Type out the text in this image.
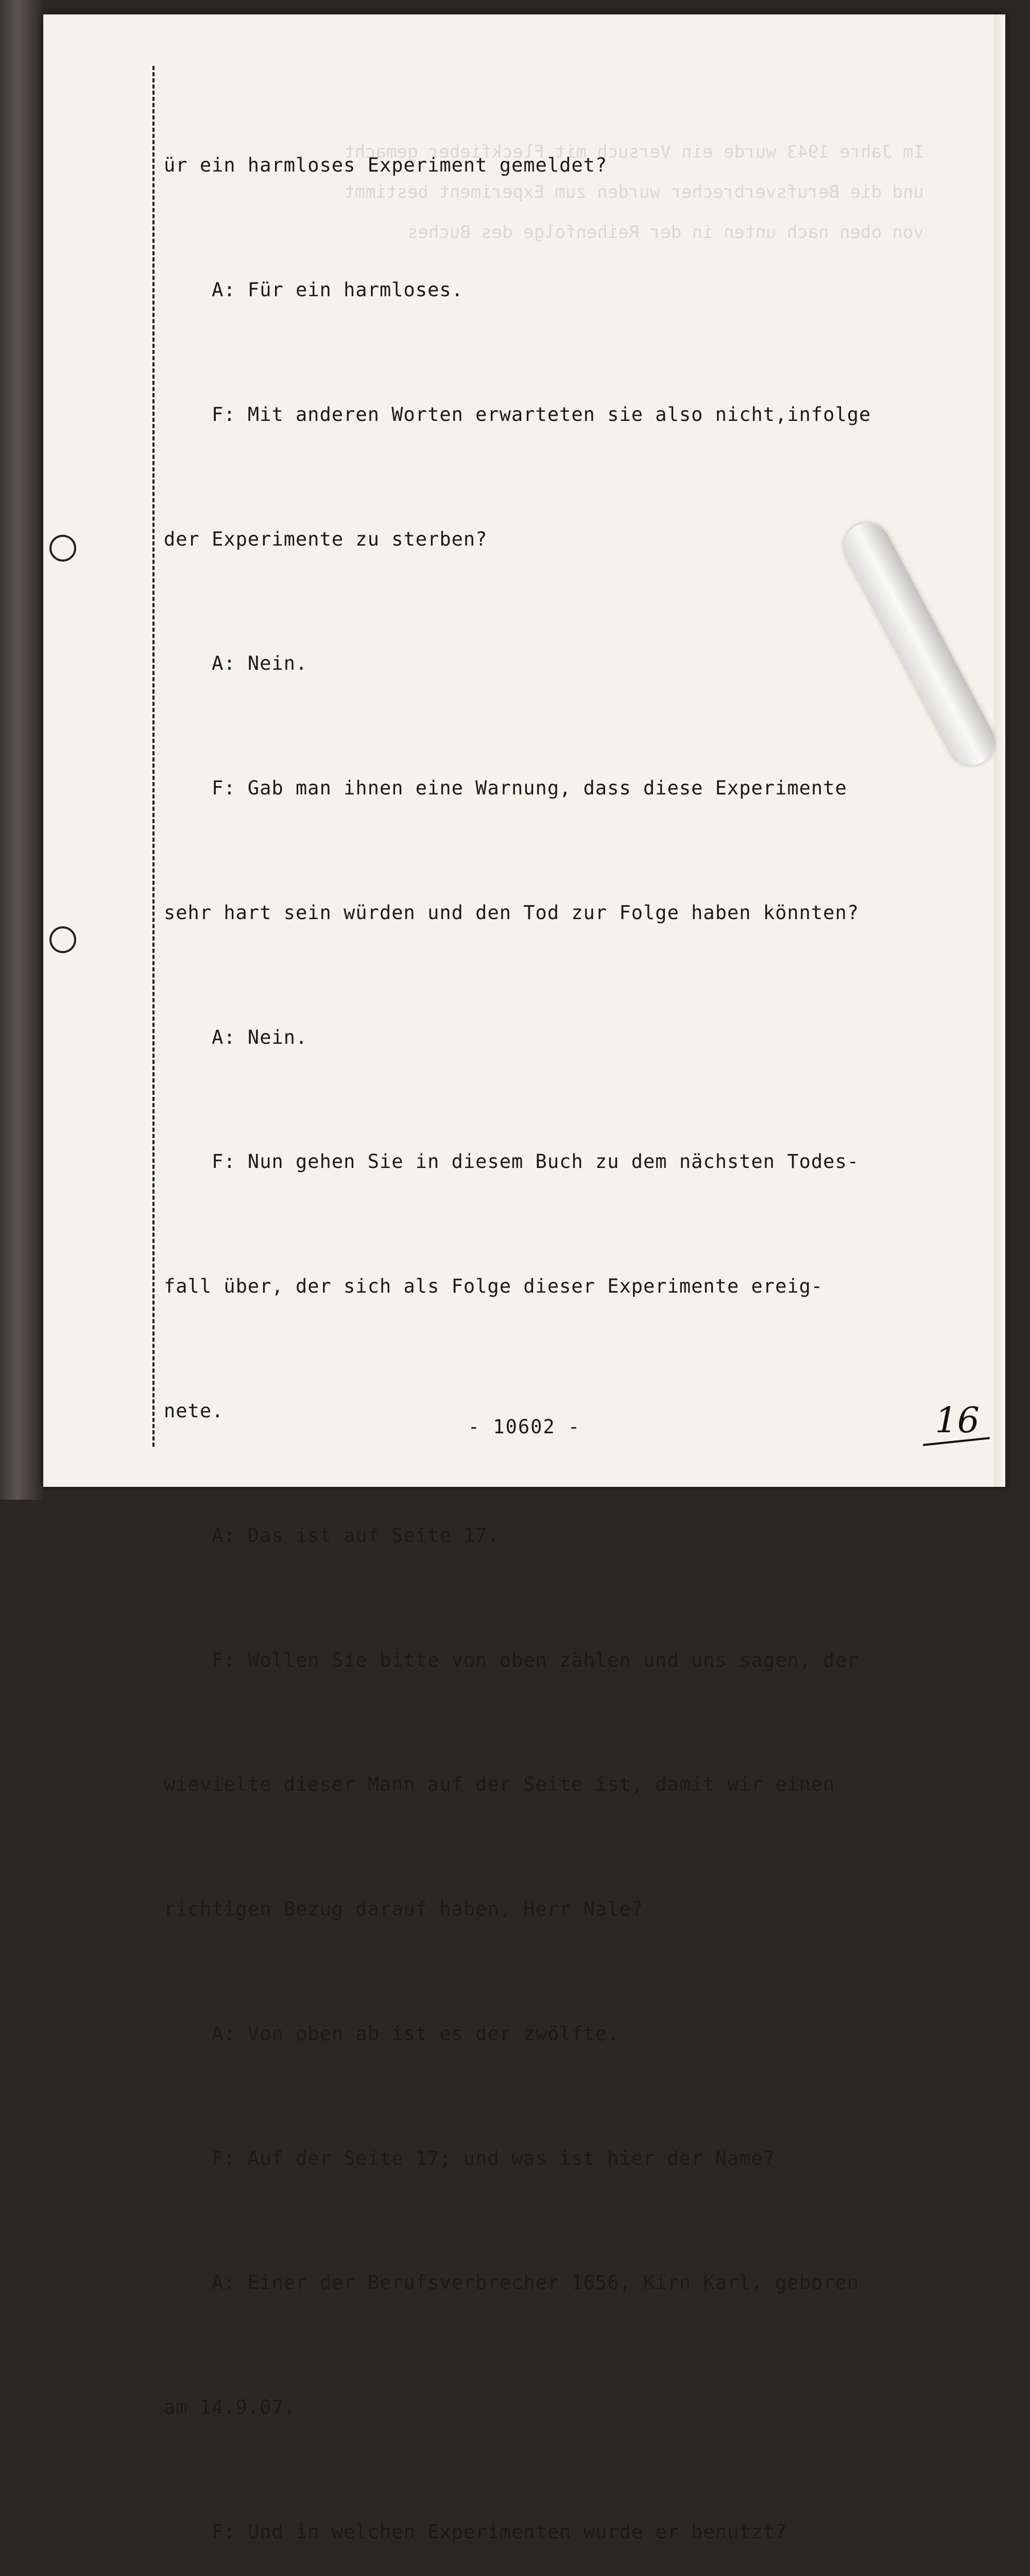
Im Jahre 1943 wurde ein Versuch mit Fleckfieber gemacht
und die Berufsverbrecher wurden zum Experiment bestimmt
von oben nach unten in der Reihenfolge des Buches

ür ein harmloses Experiment gemeldet?

A: Für ein harmloses.

F: Mit anderen Worten erwarteten sie also nicht,infolge

der Experimente zu sterben?

A: Nein.

F: Gab man ihnen eine Warnung, dass diese Experimente

sehr hart sein würden und den Tod zur Folge haben könnten?

A: Nein.

F: Nun gehen Sie in diesem Buch zu dem nächsten Todes-

fall über, der sich als Folge dieser Experimente ereig-

nete.

A: Das ist auf Seite 17.

F: Wollen Sie bitte von oben zählen und uns sagen, der

wievielte dieser Mann auf der Seite ist, damit wir einen

richtigen Bezug darauf haben, Herr Nale?

A: Von oben ab ist es der zwölfte.

F: Auf der Seite 17; und was ist hier der Name?

A: Einer der Berufsverbrecher 1656, Kirn Karl, geboren

am 14.9.07.

F: Und in welchen Experimenten wurde er benutzt?

- 10602 -	16
